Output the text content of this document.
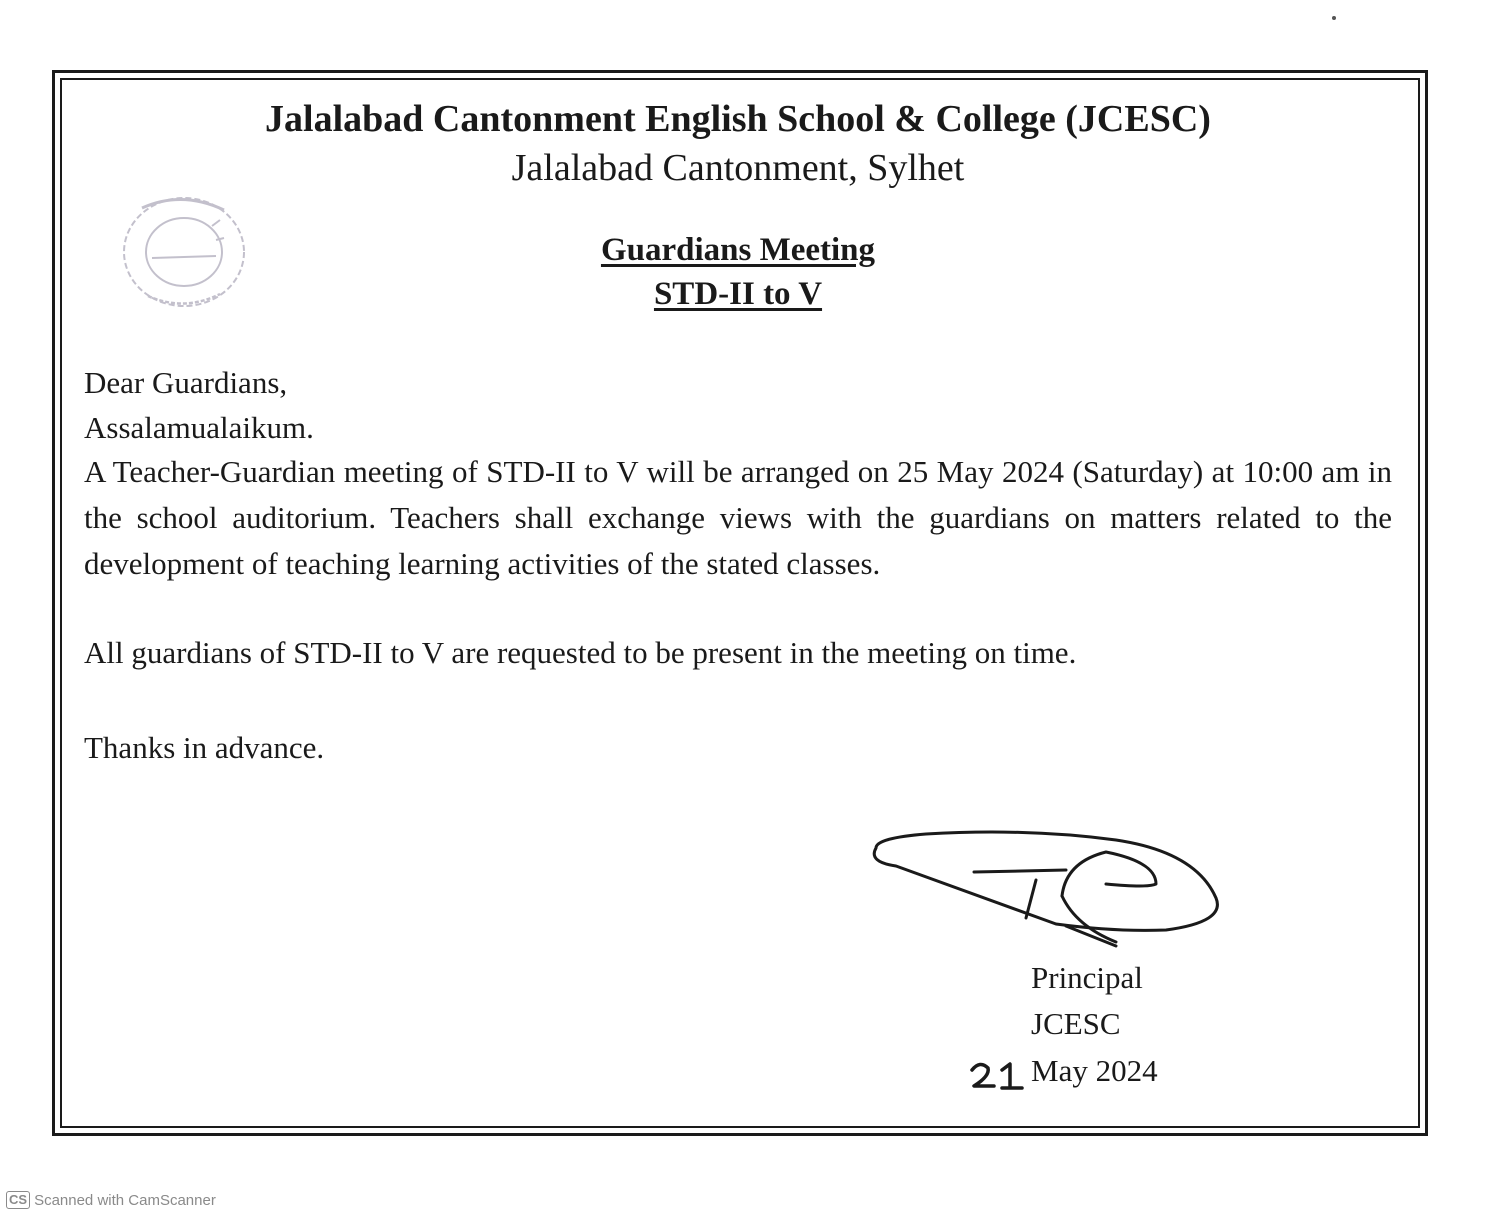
Jalalabad Cantonment English School & College (JCESC)
Jalalabad Cantonment, Sylhet
Guardians Meeting
STD-II to V

Dear Guardians,

Assalamualaikum.

A Teacher-Guardian meeting of STD-II to V will be arranged on 25 May 2024 (Saturday) at 10:00 am in the school auditorium. Teachers shall exchange views with the guardians on matters related to the development of teaching learning activities of the stated classes.

All guardians of STD-II to V are requested to be present in the meeting on time.

Thanks in advance.

Principal
JCESC
May 2024
CS Scanned with CamScanner
